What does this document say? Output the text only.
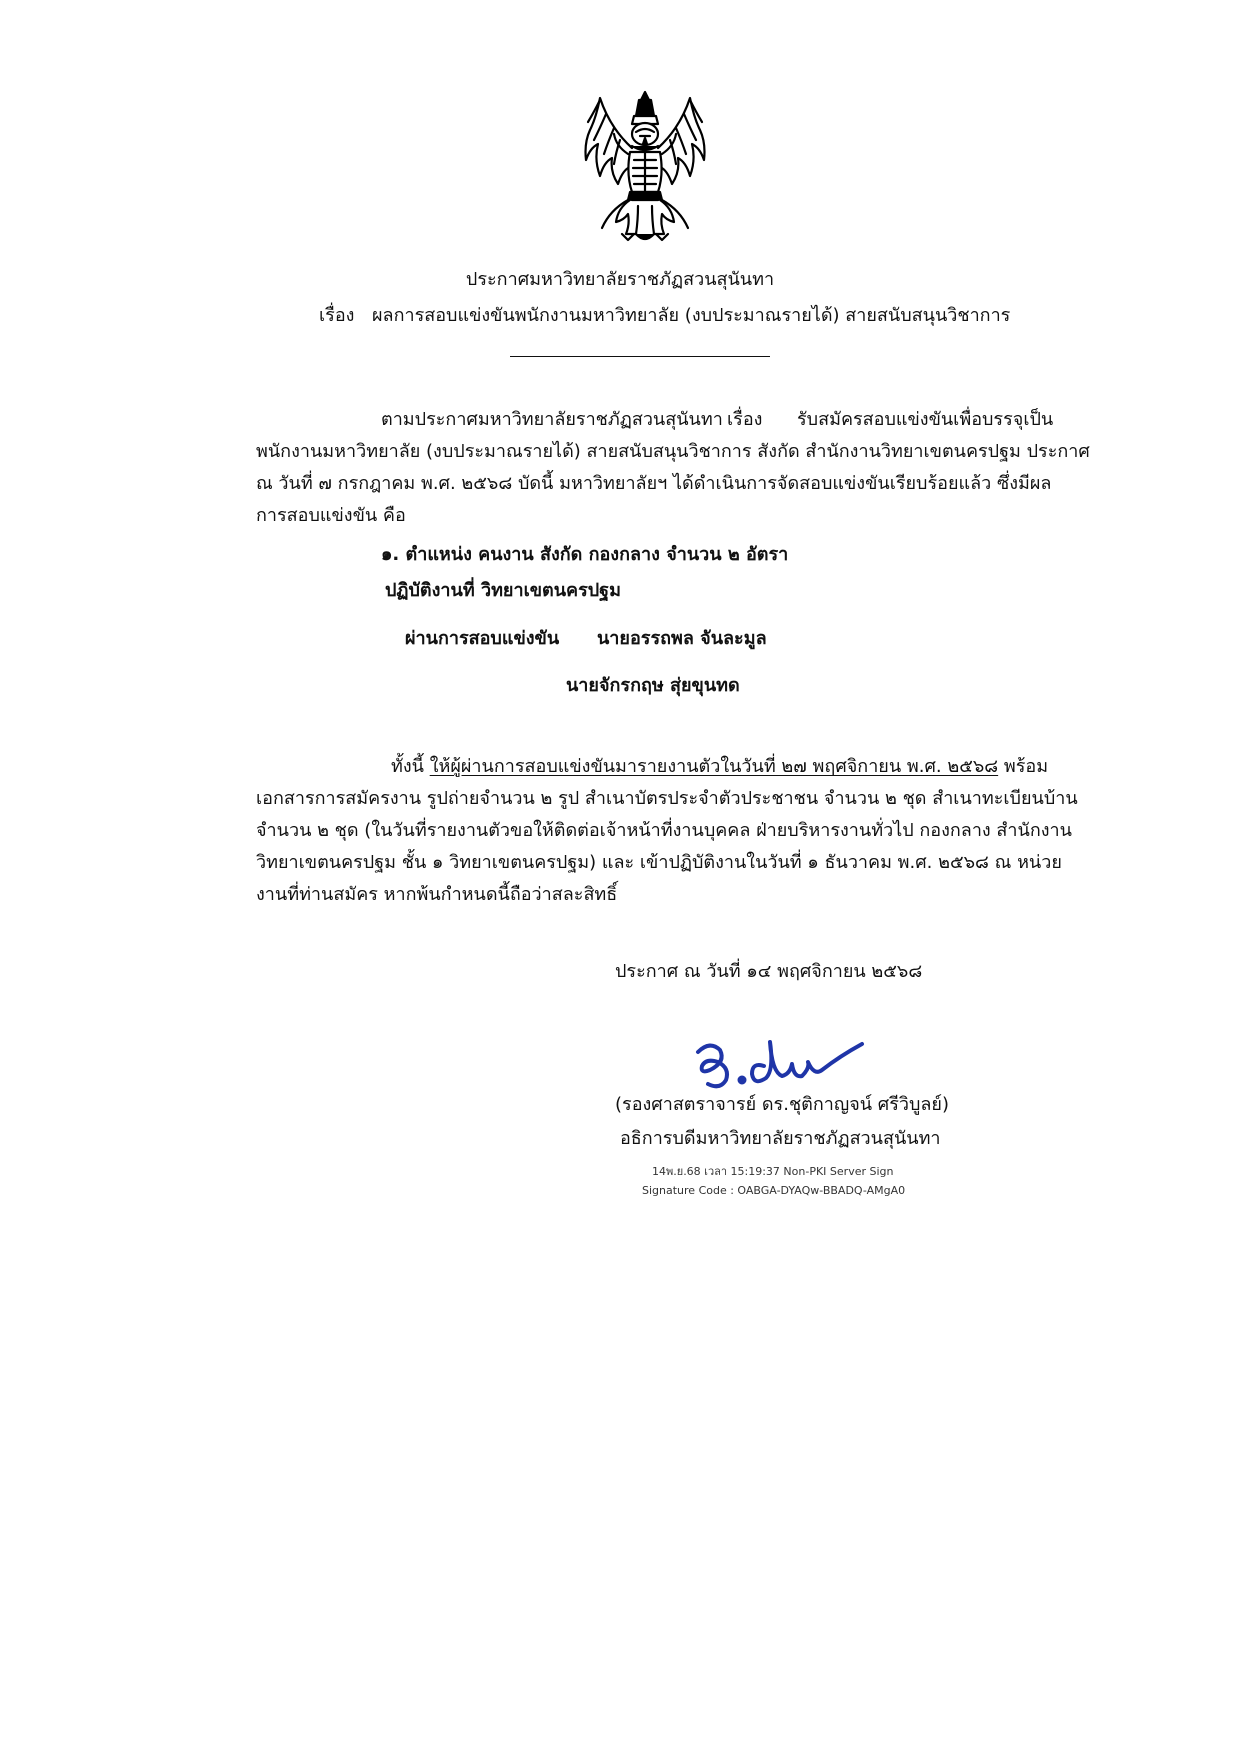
ประกาศมหาวิทยาลัยราชภัฏสวนสุนันทา
เรื่อง ผลการสอบแข่งขันพนักงานมหาวิทยาลัย (งบประมาณรายได้) สายสนับสนุนวิชาการ
ตามประกาศมหาวิทยาลัยราชภัฏสวนสุนันทา เรื่อง รับสมัครสอบแข่งขันเพื่อบรรจุเป็น
พนักงานมหาวิทยาลัย (งบประมาณรายได้) สายสนับสนุนวิชาการ สังกัด สำนักงานวิทยาเขตนครปฐม ประกาศ
ณ วันที่ ๗ กรกฎาคม พ.ศ. ๒๕๖๘ บัดนี้ มหาวิทยาลัยฯ ได้ดำเนินการจัดสอบแข่งขันเรียบร้อยแล้ว ซึ่งมีผล
การสอบแข่งขัน คือ
๑. ตำแหน่ง คนงาน สังกัด กองกลาง จำนวน ๒ อัตรา
ปฏิบัติงานที่ วิทยาเขตนครปฐม
ผ่านการสอบแข่งขัน นายอรรถพล จันละมูล
นายจักรกฤษ สุ่ยขุนทด
ทั้งนี้ ให้ผู้ผ่านการสอบแข่งขันมารายงานตัวในวันที่ ๒๗ พฤศจิกายน พ.ศ. ๒๕๖๘ พร้อม
เอกสารการสมัครงาน รูปถ่ายจำนวน ๒ รูป สำเนาบัตรประจำตัวประชาชน จำนวน ๒ ชุด สำเนาทะเบียนบ้าน
จำนวน ๒ ชุด (ในวันที่รายงานตัวขอให้ติดต่อเจ้าหน้าที่งานบุคคล ฝ่ายบริหารงานทั่วไป กองกลาง สำนักงาน
วิทยาเขตนครปฐม ชั้น ๑ วิทยาเขตนครปฐม) และ เข้าปฏิบัติงานในวันที่ ๑ ธันวาคม พ.ศ. ๒๕๖๘ ณ หน่วย
งานที่ท่านสมัคร หากพ้นกำหนดนี้ถือว่าสละสิทธิ์
ประกาศ ณ วันที่ ๑๔ พฤศจิกายน ๒๕๖๘
(รองศาสตราจารย์ ดร.ชุติกาญจน์ ศรีวิบูลย์)
อธิการบดีมหาวิทยาลัยราชภัฏสวนสุนันทา
14พ.ย.68 เวลา 15:19:37 Non-PKI Server Sign
Signature Code : OABGA-DYAQw-BBADQ-AMgA0
